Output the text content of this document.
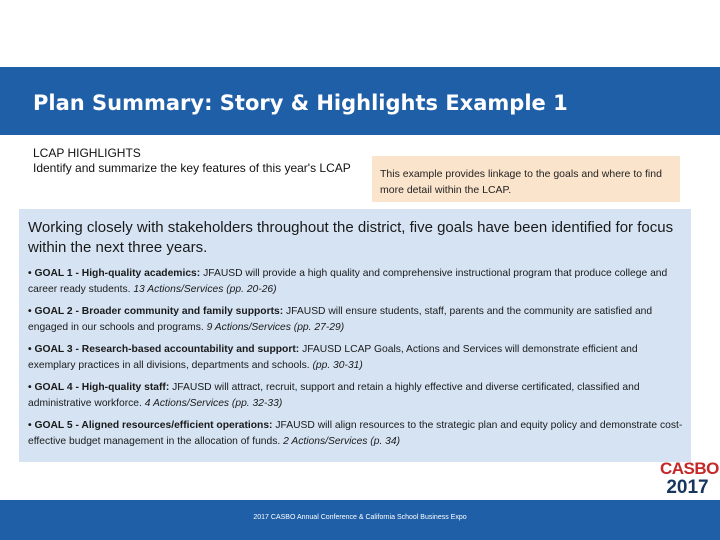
Plan Summary: Story & Highlights Example 1
LCAP HIGHLIGHTS
Identify and summarize the key features of this year's LCAP	This example provides linkage to the goals and where to find more detail within the LCAP.

Working closely with stakeholders throughout the district, five goals have been identified for focus within the next three years.

• GOAL 1 - High-quality academics: JFAUSD will provide a high quality and comprehensive instructional program that produce college and career ready students. 13 Actions/Services (pp. 20-26)

• GOAL 2 - Broader community and family supports: JFAUSD will ensure students, staff, parents and the community are satisfied and engaged in our schools and programs. 9 Actions/Services (pp. 27-29)

• GOAL 3 - Research-based accountability and support: JFAUSD LCAP Goals, Actions and Services will demonstrate efficient and exemplary practices in all divisions, departments and schools. (pp. 30-31)

• GOAL 4 - High-quality staff: JFAUSD will attract, recruit, support and retain a highly effective and diverse certificated, classified and administrative workforce. 4 Actions/Services (pp. 32-33)

• GOAL 5 - Aligned resources/efficient operations: JFAUSD will align resources to the strategic plan and equity policy and demonstrate cost-effective budget management in the allocation of funds. 2 Actions/Services (p. 34)

CASBO
2017
2017 CASBO Annual Conference & California School Business Expo
